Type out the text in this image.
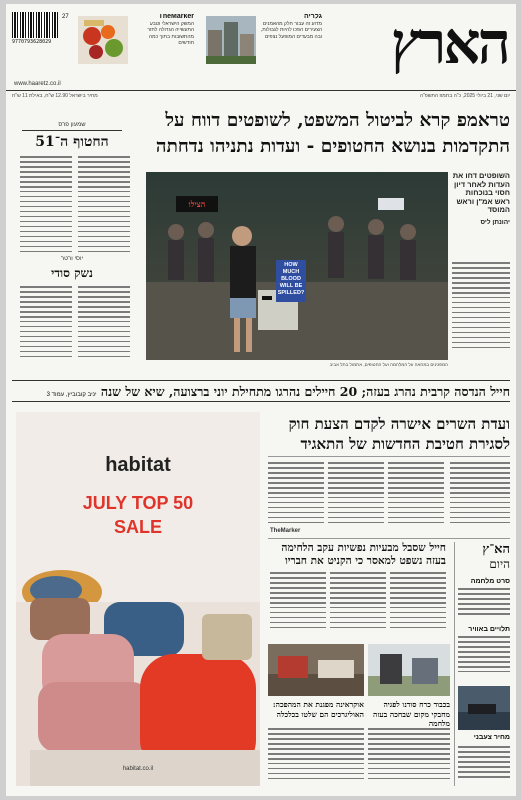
9770793628029
27	TheMarker
המשק הישראלי וטבע התעשייה הגדולה לחזר מהתשובות בתוך כמה חודשים
גלריה
מדוע זה עבור חלק מהאמנים הצעירים הפכו להיות לגבולות, ובה מבעדים המופעל נצפים	הארץ
www.haaretz.co.il
מחיר בישראל 12.90 ש"ח, באילת 11 ש"ח	יום שני, 21 ביולי 2025, כ"ה בתמוז התשפ"ה
שמעון פרס
החטוף ה־51
יוסי ורטר
נשק סודי
טראמפ קרא לביטול המשפט, לשופטים דווח על התקדמות בנושא החטופים - ועדות נתניהו נדחתה
הצילו
HOW MUCH BLOOD WILL BE SPILLED?
המפגינים במחאה על המלחמה ועל החטופים, אתמול בתל אביב
השופטים דחו את העדות לאחר דיון חסוי בנוכחות ראש אמ"ן וראש המוסד
יהונתן ליס
חייל הנדסה קרבית נהרג בעזה; 20 חיילים נהרגו מתחילת יוני ברצועה, שיא של שנה יניב קובוביץ, עמוד 3
habitat
JULY TOP 50
SALE
habitat.co.il
ועדת השרים אישרה לקדם הצעת חוק לסגירת חטיבת החדשות של התאגיד
TheMarker
חייל שסבל מבעיות נפשיות עקב הלחימה בעזה נשפט למאסר כי הקניט את חבריו
הא־ץ
היום
סרט מלחמה
תלויים באוויר
מחיר צעבני
אוקראינה מפגנת את המהפכה: האוליגרכים הם שלטו בכלכלה
בכבוד כרח סודנו לפגיה מחבקי מקום שבחכה בעזה מלחמה
